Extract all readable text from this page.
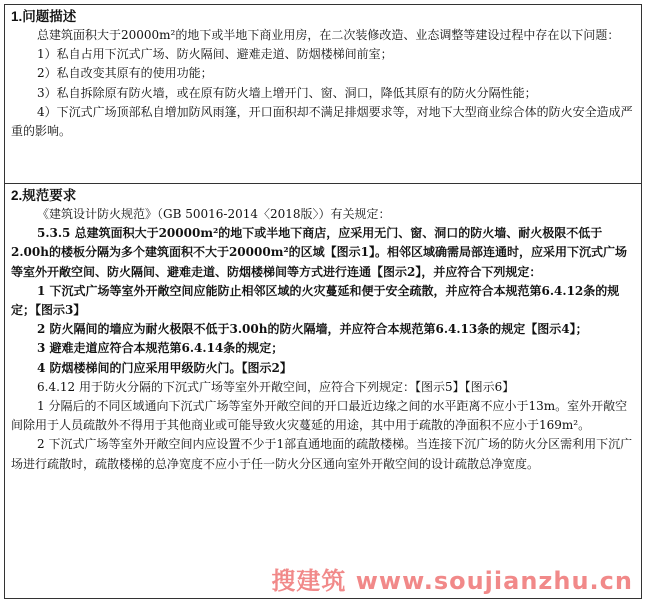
1.问题描述

总建筑面积大于20000m²的地下或半地下商业用房，在二次装修改造、业态调整等建设过程中存在以下问题：

1）私自占用下沉式广场、防火隔间、避难走道、防烟楼梯间前室；

2）私自改变其原有的使用功能；

3）私自拆除原有防火墙，或在原有防火墙上增开门、窗、洞口，降低其原有的防火分隔性能；

4）下沉式广场顶部私自增加防风雨篷，开口面积却不满足排烟要求等，对地下大型商业综合体的防火安全造成严重的影响。

2.规范要求

《建筑设计防火规范》（GB 50016-2014〈2018版〉）有关规定：

5.3.5 总建筑面积大于20000m²的地下或半地下商店，应采用无门、窗、洞口的防火墙、耐火极限不低于2.00h的楼板分隔为多个建筑面积不大于20000m²的区域【图示1】。相邻区域确需局部连通时，应采用下沉式广场等室外开敞空间、防火隔间、避难走道、防烟楼梯间等方式进行连通【图示2】，并应符合下列规定：

1 下沉式广场等室外开敞空间应能防止相邻区域的火灾蔓延和便于安全疏散，并应符合本规范第6.4.12条的规定；【图示3】

2 防火隔间的墙应为耐火极限不低于3.00h的防火隔墙，并应符合本规范第6.4.13条的规定【图示4】；

3 避难走道应符合本规范第6.4.14条的规定；

4 防烟楼梯间的门应采用甲级防火门。【图示2】

6.4.12 用于防火分隔的下沉式广场等室外开敞空间，应符合下列规定：【图示5】【图示6】

1 分隔后的不同区域通向下沉式广场等室外开敞空间的开口最近边缘之间的水平距离不应小于13m。室外开敞空间除用于人员疏散外不得用于其他商业或可能导致火灾蔓延的用途，其中用于疏散的净面积不应小于169m²。

2 下沉式广场等室外开敞空间内应设置不少于1部直通地面的疏散楼梯。当连接下沉广场的防火分区需利用下沉广场进行疏散时，疏散楼梯的总净宽度不应小于任一防火分区通向室外开敞空间的设计疏散总净宽度。

搜建筑 www.soujianzhu.cn
